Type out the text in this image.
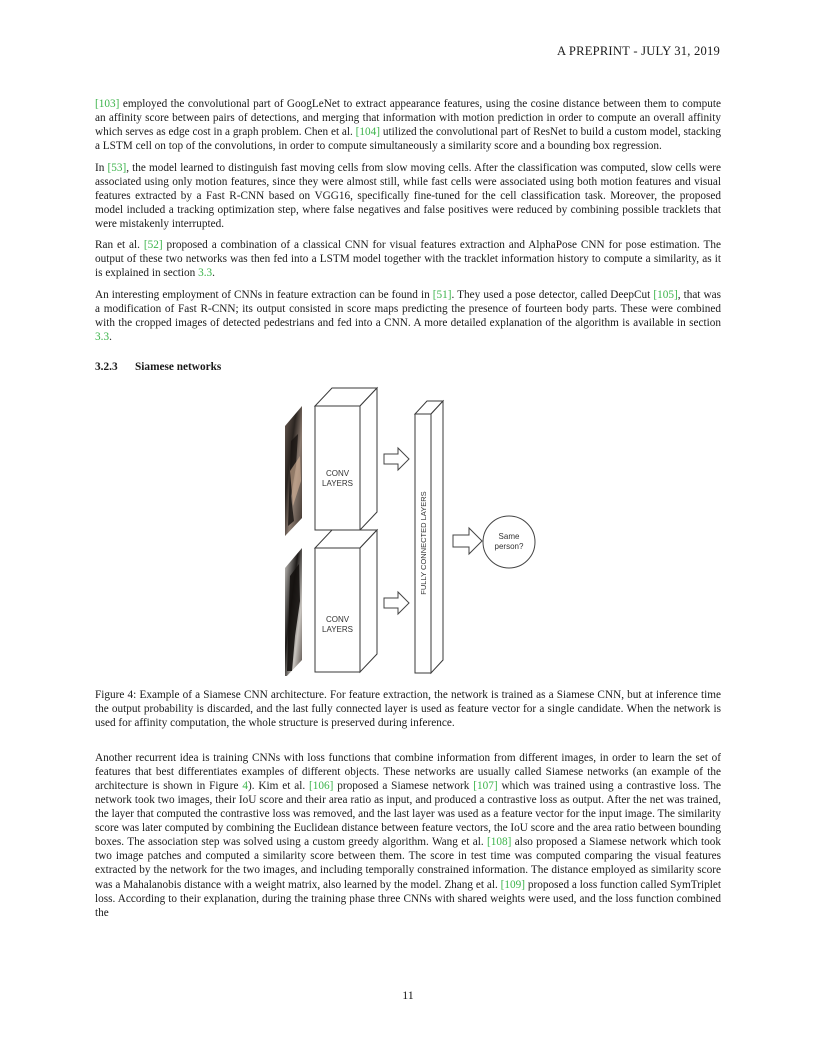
A PREPRINT - JULY 31, 2019

[103] employed the convolutional part of GoogLeNet to extract appearance features, using the cosine distance between them to compute an affinity score between pairs of detections, and merging that information with motion prediction in order to compute an overall affinity which serves as edge cost in a graph problem. Chen et al. [104] utilized the convolutional part of ResNet to build a custom model, stacking a LSTM cell on top of the convolutions, in order to compute simultaneously a similarity score and a bounding box regression.

In [53], the model learned to distinguish fast moving cells from slow moving cells. After the classification was computed, slow cells were associated using only motion features, since they were almost still, while fast cells were associated using both motion features and visual features extracted by a Fast R-CNN based on VGG16, specifically fine-tuned for the cell classification task. Moreover, the proposed model included a tracking optimization step, where false negatives and false positives were reduced by combining possible tracklets that were mistakenly interrupted.

Ran et al. [52] proposed a combination of a classical CNN for visual features extraction and AlphaPose CNN for pose estimation. The output of these two networks was then fed into a LSTM model together with the tracklet information history to compute a similarity, as it is explained in section 3.3.

An interesting employment of CNNs in feature extraction can be found in [51]. They used a pose detector, called DeepCut [105], that was a modification of Fast R-CNN; its output consisted in score maps predicting the presence of fourteen body parts. These were combined with the cropped images of detected pedestrians and fed into a CNN. A more detailed explanation of the algorithm is available in section 3.3.

3.2.3 Siamese networks
CONV
LAYERS
CONV
LAYERS
FULLY CONNECTED LAYERS	Same
person?

Figure 4: Example of a Siamese CNN architecture. For feature extraction, the network is trained as a Siamese CNN, but at inference time the output probability is discarded, and the last fully connected layer is used as feature vector for a single candidate. When the network is used for affinity computation, the whole structure is preserved during inference.

Another recurrent idea is training CNNs with loss functions that combine information from different images, in order to learn the set of features that best differentiates examples of different objects. These networks are usually called Siamese networks (an example of the architecture is shown in Figure 4). Kim et al. [106] proposed a Siamese network [107] which was trained using a contrastive loss. The network took two images, their IoU score and their area ratio as input, and produced a contrastive loss as output. After the net was trained, the layer that computed the contrastive loss was removed, and the last layer was used as a feature vector for the input image. The similarity score was later computed by combining the Euclidean distance between feature vectors, the IoU score and the area ratio between bounding boxes. The association step was solved using a custom greedy algorithm. Wang et al. [108] also proposed a Siamese network which took two image patches and computed a similarity score between them. The score in test time was computed comparing the visual features extracted by the network for the two images, and including temporally constrained information. The distance employed as similarity score was a Mahalanobis distance with a weight matrix, also learned by the model. Zhang et al. [109] proposed a loss function called SymTriplet loss. According to their explanation, during the training phase three CNNs with shared weights were used, and the loss function combined the

11
